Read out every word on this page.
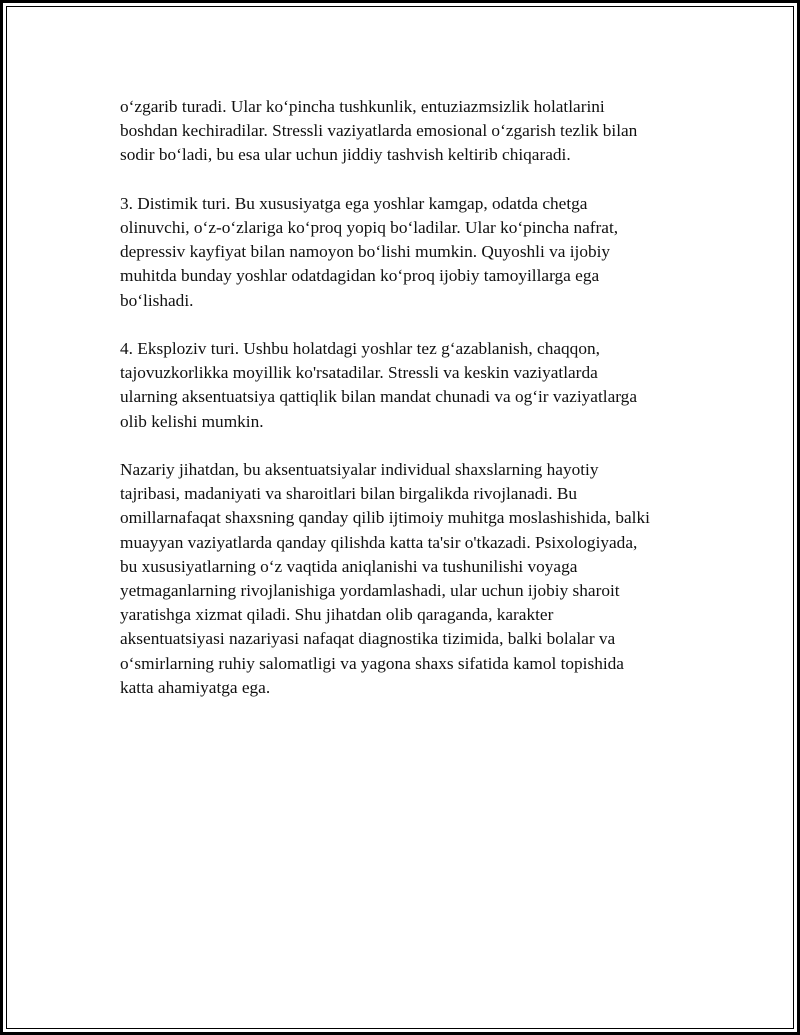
o‘zgarib turadi. Ular ko‘pincha tushkunlik, entuziazmsizlik holatlarini
boshdan kechiradilar. Stressli vaziyatlarda emosional o‘zgarish tezlik bilan
sodir bo‘ladi, bu esa ular uchun jiddiy tashvish keltirib chiqaradi.

3. Distimik turi. Bu xususiyatga ega yoshlar kamgap, odatda chetga
olinuvchi, o‘z-o‘zlariga ko‘proq yopiq bo‘ladilar. Ular ko‘pincha nafrat,
depressiv kayfiyat bilan namoyon bo‘lishi mumkin. Quyoshli va ijobiy
muhitda bunday yoshlar odatdagidan ko‘proq ijobiy tamoyillarga ega
bo‘lishadi.

4. Eksploziv turi. Ushbu holatdagi yoshlar tez g‘azablanish, chaqqon,
tajovuzkorlikka moyillik ko'rsatadilar. Stressli va keskin vaziyatlarda
ularning aksentuatsiya qattiqlik bilan mandat chunadi va og‘ir vaziyatlarga
olib kelishi mumkin.

Nazariy jihatdan, bu aksentuatsiyalar individual shaxslarning hayotiy
tajribasi, madaniyati va sharoitlari bilan birgalikda rivojlanadi. Bu
omillarnafaqat shaxsning qanday qilib ijtimoiy muhitga moslashishida, balki
muayyan vaziyatlarda qanday qilishda katta ta'sir o'tkazadi. Psixologiyada,
bu xususiyatlarning o‘z vaqtida aniqlanishi va tushunilishi voyaga
yetmaganlarning rivojlanishiga yordamlashadi, ular uchun ijobiy sharoit
yaratishga xizmat qiladi. Shu jihatdan olib qaraganda, karakter
aksentuatsiyasi nazariyasi nafaqat diagnostika tizimida, balki bolalar va
o‘smirlarning ruhiy salomatligi va yagona shaxs sifatida kamol topishida
katta ahamiyatga ega.
